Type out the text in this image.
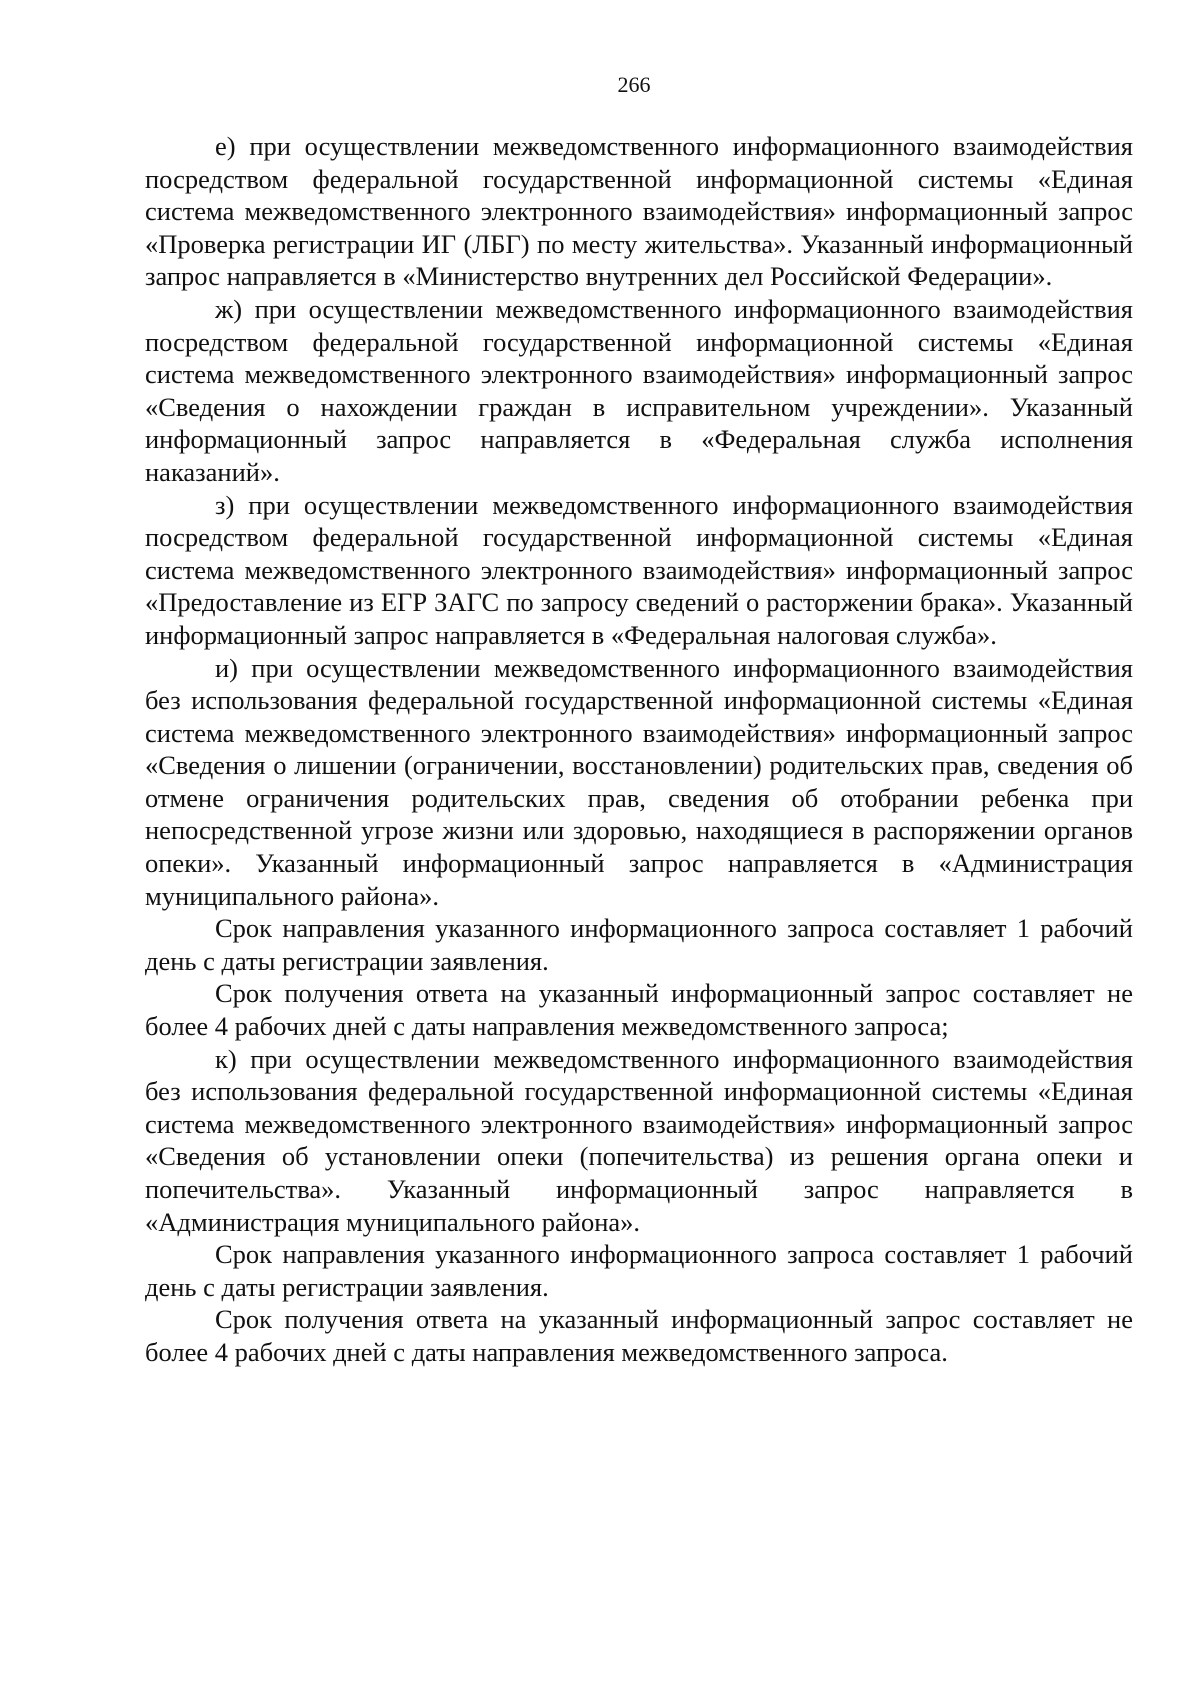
266

е) при осуществлении межведомственного информационного взаимодействия посредством федеральной государственной информационной системы «Единая система межведомственного электронного взаимодействия» информационный запрос «Проверка регистрации ИГ (ЛБГ) по месту жительства». Указанный информационный запрос направляется в «Министерство внутренних дел Российской Федерации».

ж) при осуществлении межведомственного информационного взаимодействия посредством федеральной государственной информационной системы «Единая система межведомственного электронного взаимодействия» информационный запрос «Сведения о нахождении граждан в исправительном учреждении». Указанный информационный запрос направляется в «Федеральная служба исполнения наказаний».

з) при осуществлении межведомственного информационного взаимодействия посредством федеральной государственной информационной системы «Единая система межведомственного электронного взаимодействия» информационный запрос «Предоставление из ЕГР ЗАГС по запросу сведений о расторжении брака». Указанный информационный запрос направляется в «Федеральная налоговая служба».

и) при осуществлении межведомственного информационного взаимодействия без использования федеральной государственной информационной системы «Единая система межведомственного электронного взаимодействия» информационный запрос «Сведения о лишении (ограничении, восстановлении) родительских прав, сведения об отмене ограничения родительских прав, сведения об отобрании ребенка при непосредственной угрозе жизни или здоровью, находящиеся в распоряжении органов опеки». Указанный информационный запрос направляется в «Администрация муниципального района».

Срок направления указанного информационного запроса составляет 1 рабочий день с даты регистрации заявления.

Срок получения ответа на указанный информационный запрос составляет не более 4 рабочих дней с даты направления межведомственного запроса;

к) при осуществлении межведомственного информационного взаимодействия без использования федеральной государственной информационной системы «Единая система межведомственного электронного взаимодействия» информационный запрос «Сведения об установлении опеки (попечительства) из решения органа опеки и попечительства». Указанный информационный запрос направляется в «Администрация муниципального района».

Срок направления указанного информационного запроса составляет 1 рабочий день с даты регистрации заявления.

Срок получения ответа на указанный информационный запрос составляет не более 4 рабочих дней с даты направления межведомственного запроса.
